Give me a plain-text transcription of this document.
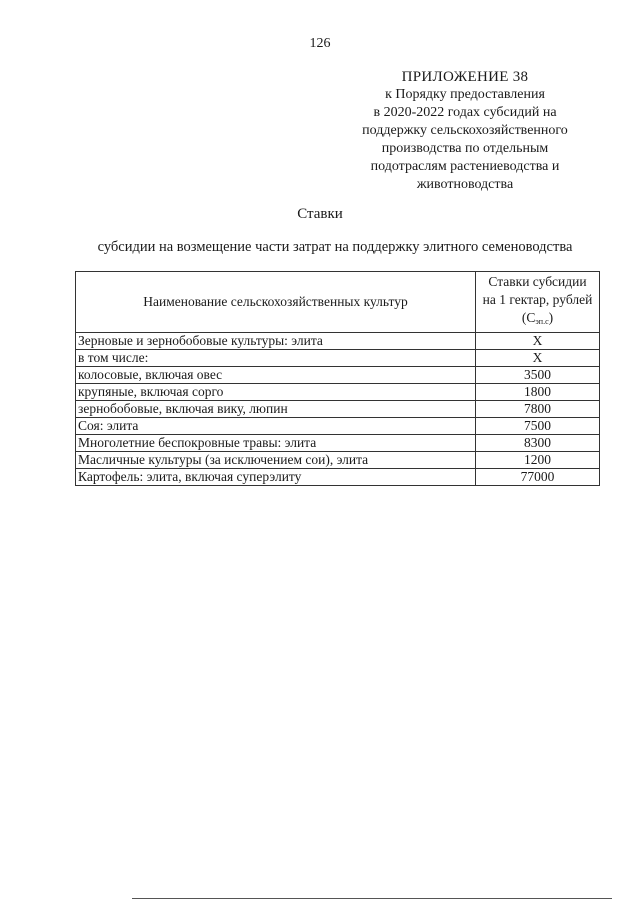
126
ПРИЛОЖЕНИЕ 38
к Порядку предоставления
в 2020-2022 годах субсидий на
поддержку сельскохозяйственного
производства по отдельным
подотраслям растениеводства и
животноводства
Ставки
субсидии на возмещение части затрат на поддержку элитного семеноводства
Наименование сельскохозяйственных культур	Ставки субсидии
на 1 гектар, рублей
$(С_{эп.с})$

Зерновые и зернобобовые культуры: элита	X
в том числе:	X
колосовые, включая овес	3500
крупяные, включая сорго	1800
зернобобовые, включая вику, люпин	7800
Соя: элита	7500
Многолетние беспокровные травы: элита	8300
Масличные культуры (за исключением сои), элита	1200
Картофель: элита, включая суперэлиту	77000
